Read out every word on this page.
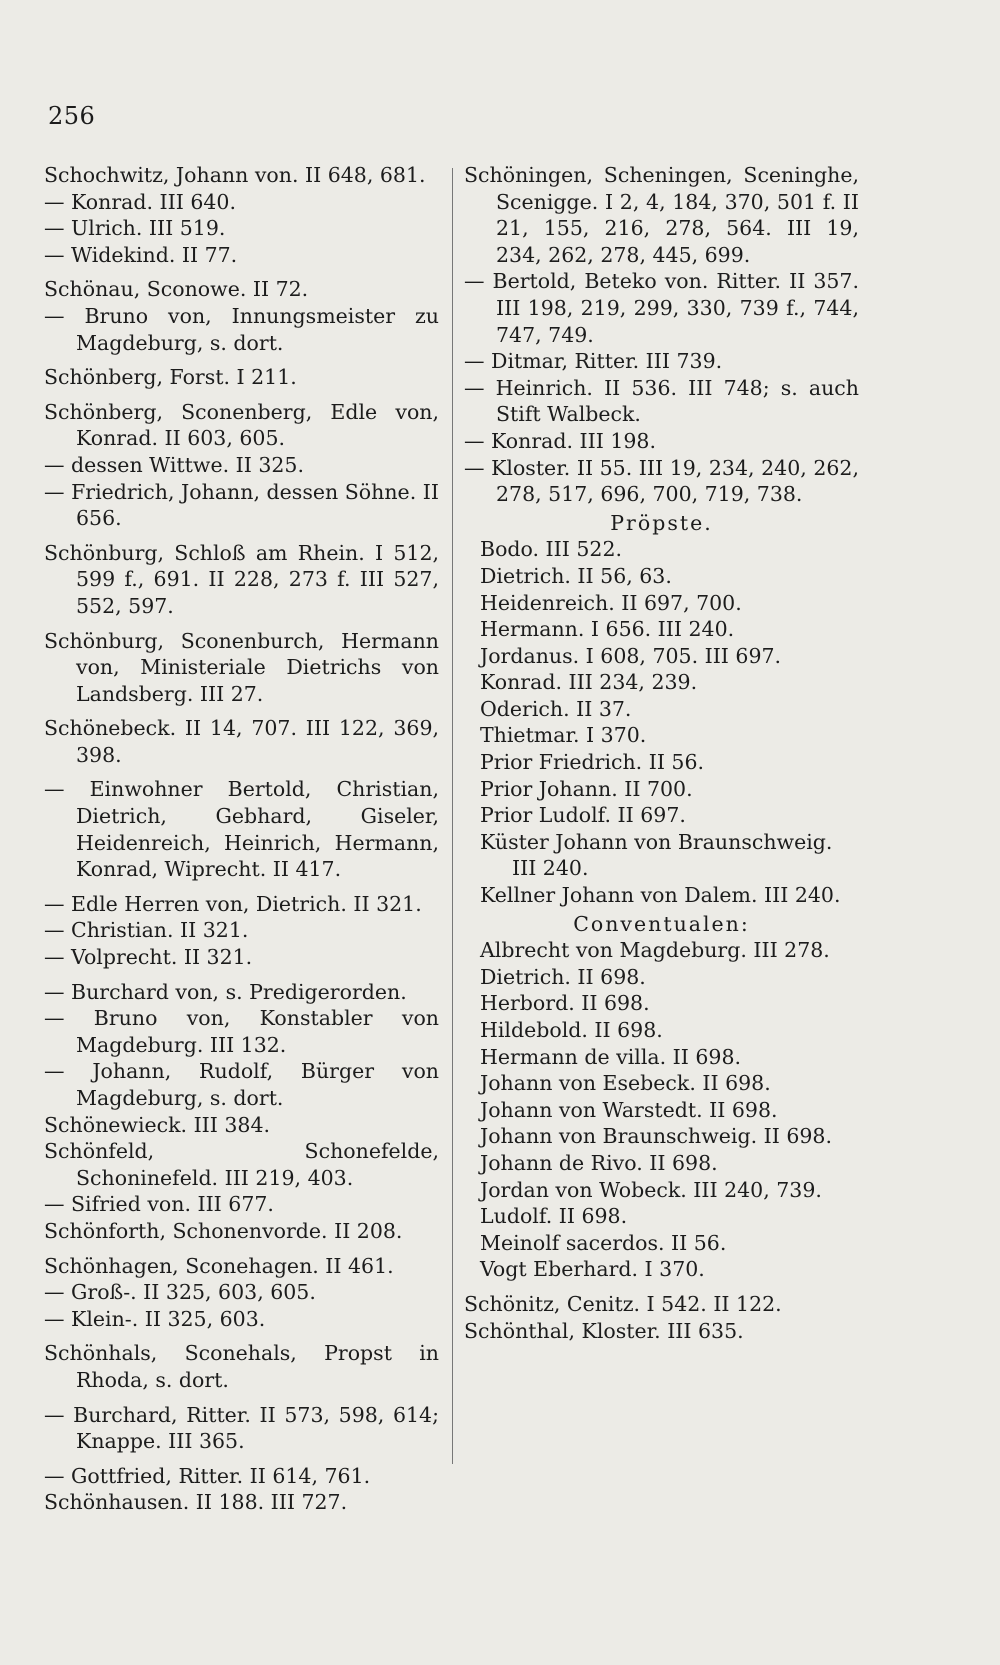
256

Schochwitz, Johann von. II 648, 681.

— Konrad. III 640.

— Ulrich. III 519.

— Widekind. II 77.

Schönau, Sconowe. II 72.

— Bruno von, Innungsmeister zu Magdeburg, s. dort.

Schönberg, Forst. I 211.

Schönberg, Sconenberg, Edle von, Konrad. II 603, 605.

— dessen Wittwe. II 325.

— Friedrich, Johann, dessen Söhne. II 656.

Schönburg, Schloß am Rhein. I 512, 599 f., 691. II 228, 273 f. III 527, 552, 597.

Schönburg, Sconenburch, Hermann von, Ministeriale Dietrichs von Landsberg. III 27.

Schönebeck. II 14, 707. III 122, 369, 398.

— Einwohner Bertold, Christian, Dietrich, Gebhard, Giseler, Heidenreich, Heinrich, Hermann, Konrad, Wiprecht. II 417.

— Edle Herren von, Dietrich. II 321.

— Christian. II 321.

— Volprecht. II 321.

— Burchard von, s. Predigerorden.

— Bruno von, Konstabler von Magdeburg. III 132.

— Johann, Rudolf, Bürger von Magdeburg, s. dort.

Schönewieck. III 384.

Schönfeld, Schonefelde, Schoninefeld. III 219, 403.

— Sifried von. III 677.

Schönforth, Schonenvorde. II 208.

Schönhagen, Sconehagen. II 461.

— Groß-. II 325, 603, 605.

— Klein-. II 325, 603.

Schönhals, Sconehals, Propst in Rhoda, s. dort.

— Burchard, Ritter. II 573, 598, 614; Knappe. III 365.

— Gottfried, Ritter. II 614, 761.

Schönhausen. II 188. III 727.

Schöningen, Scheningen, Sceninghe, Scenigge. I 2, 4, 184, 370, 501 f. II 21, 155, 216, 278, 564. III 19, 234, 262, 278, 445, 699.

— Bertold, Beteko von. Ritter. II 357. III 198, 219, 299, 330, 739 f., 744, 747, 749.

— Ditmar, Ritter. III 739.

— Heinrich. II 536. III 748; s. auch Stift Walbeck.

— Konrad. III 198.

— Kloster. II 55. III 19, 234, 240, 262, 278, 517, 696, 700, 719, 738.

Pröpste.

Bodo. III 522.

Dietrich. II 56, 63.

Heidenreich. II 697, 700.

Hermann. I 656. III 240.

Jordanus. I 608, 705. III 697.

Konrad. III 234, 239.

Oderich. II 37.

Thietmar. I 370.

Prior Friedrich. II 56.

Prior Johann. II 700.

Prior Ludolf. II 697.

Küster Johann von Braunschweig. III 240.

Kellner Johann von Dalem. III 240.

Conventualen:

Albrecht von Magdeburg. III 278.

Dietrich. II 698.

Herbord. II 698.

Hildebold. II 698.

Hermann de villa. II 698.

Johann von Esebeck. II 698.

Johann von Warstedt. II 698.

Johann von Braunschweig. II 698.

Johann de Rivo. II 698.

Jordan von Wobeck. III 240, 739.

Ludolf. II 698.

Meinolf sacerdos. II 56.

Vogt Eberhard. I 370.

Schönitz, Cenitz. I 542. II 122.

Schönthal, Kloster. III 635.
